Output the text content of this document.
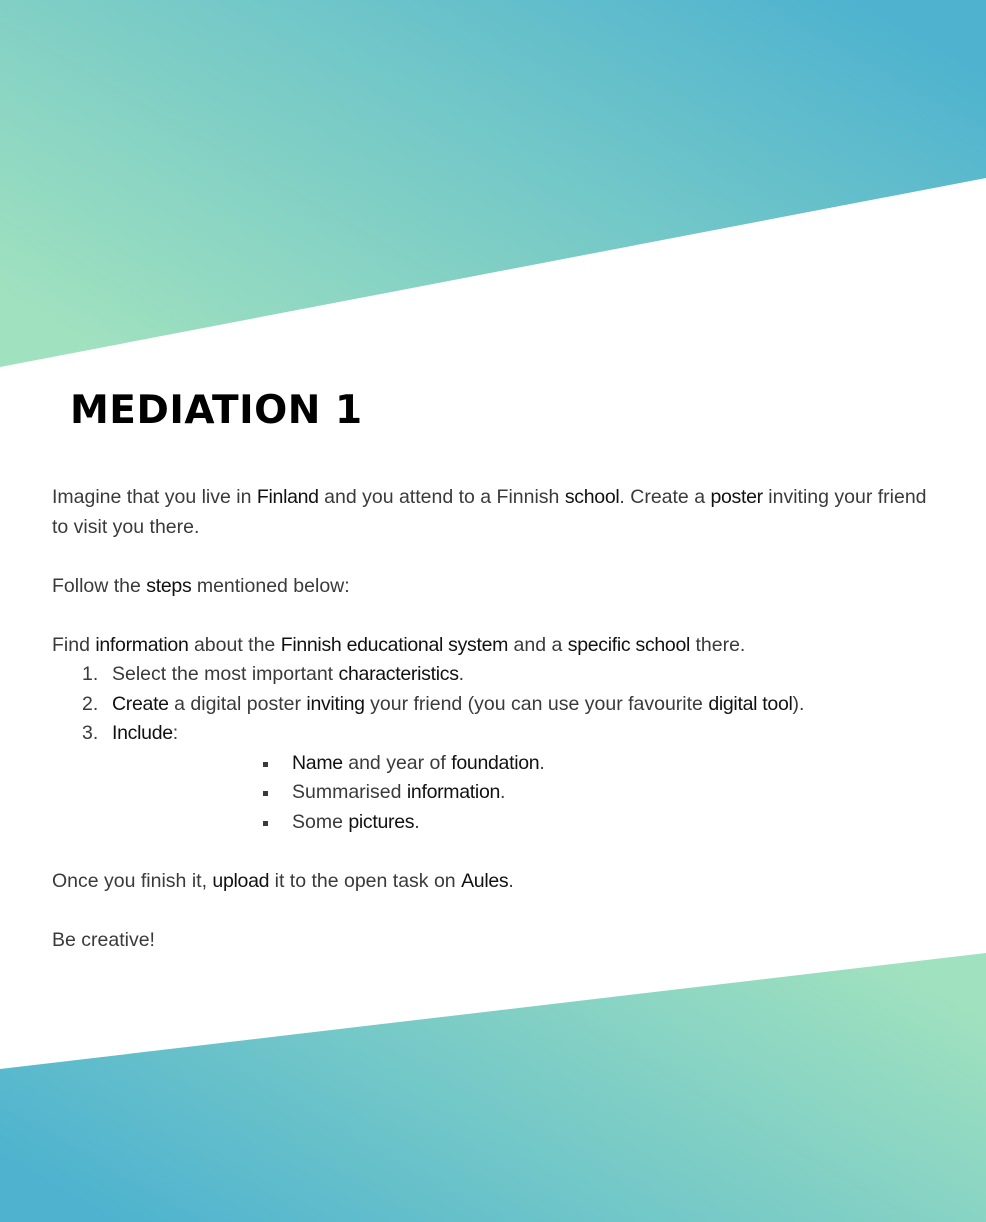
MEDIATION 1

Imagine that you live in Finland and you attend to a Finnish school. Create a poster inviting your friend to visit you there.

Follow the steps mentioned below:

Find information about the Finnish educational system and a specific school there.

1. Select the most important characteristics.
2. Create a digital poster inviting your friend (you can use your favourite digital tool).
3. Include:
Name and year of foundation.
Summarised information.
Some pictures.

Once you finish it, upload it to the open task on Aules.

Be creative!
